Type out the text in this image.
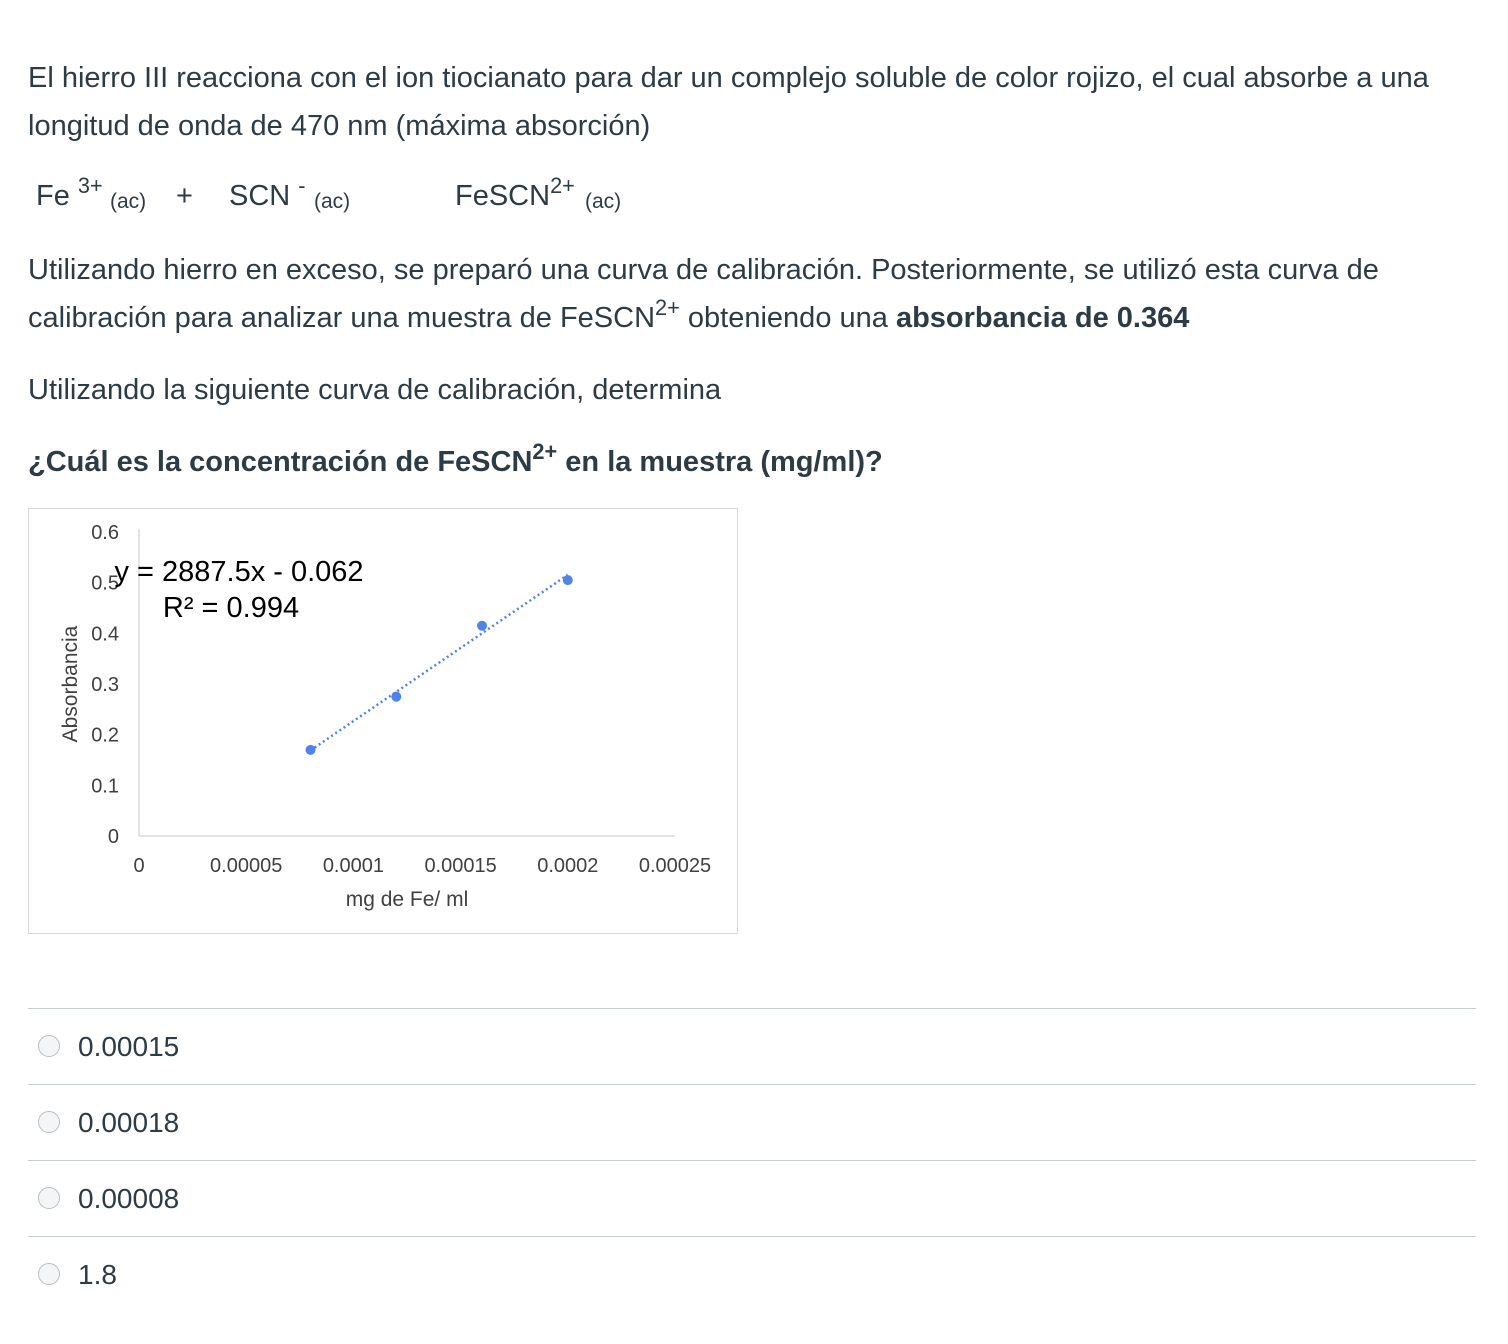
El hierro III reacciona con el ion tiocianato para dar un complejo soluble de color rojizo, el cual absorbe a una longitud de onda de 470 nm (máxima absorción)

Fe $^{3+}$
(ac) + SCN -
(ac)	FeSCN$^{2+}$
(ac)

Utilizando hierro en exceso, se preparó una curva de calibración. Posteriormente, se utilizó esta curva de calibración para analizar una muestra de FeSCN$^{2+}$ obteniendo una absorbancia de 0.364

Utilizando la siguiente curva de calibración, determina

¿Cuál es la concentración de FeSCN$^{2+}$ en la muestra (mg/ml)?

0
0.1
0.2
0.3
0.4
0.5
0.6
0	0.00005 0.0001 0.00015 0.0002 0.00025
y = 2887.5x - 0.062
R² = 0.994
mg de Fe/ ml
Absorbancia
0.00015
0.00018
0.00008
1.8
